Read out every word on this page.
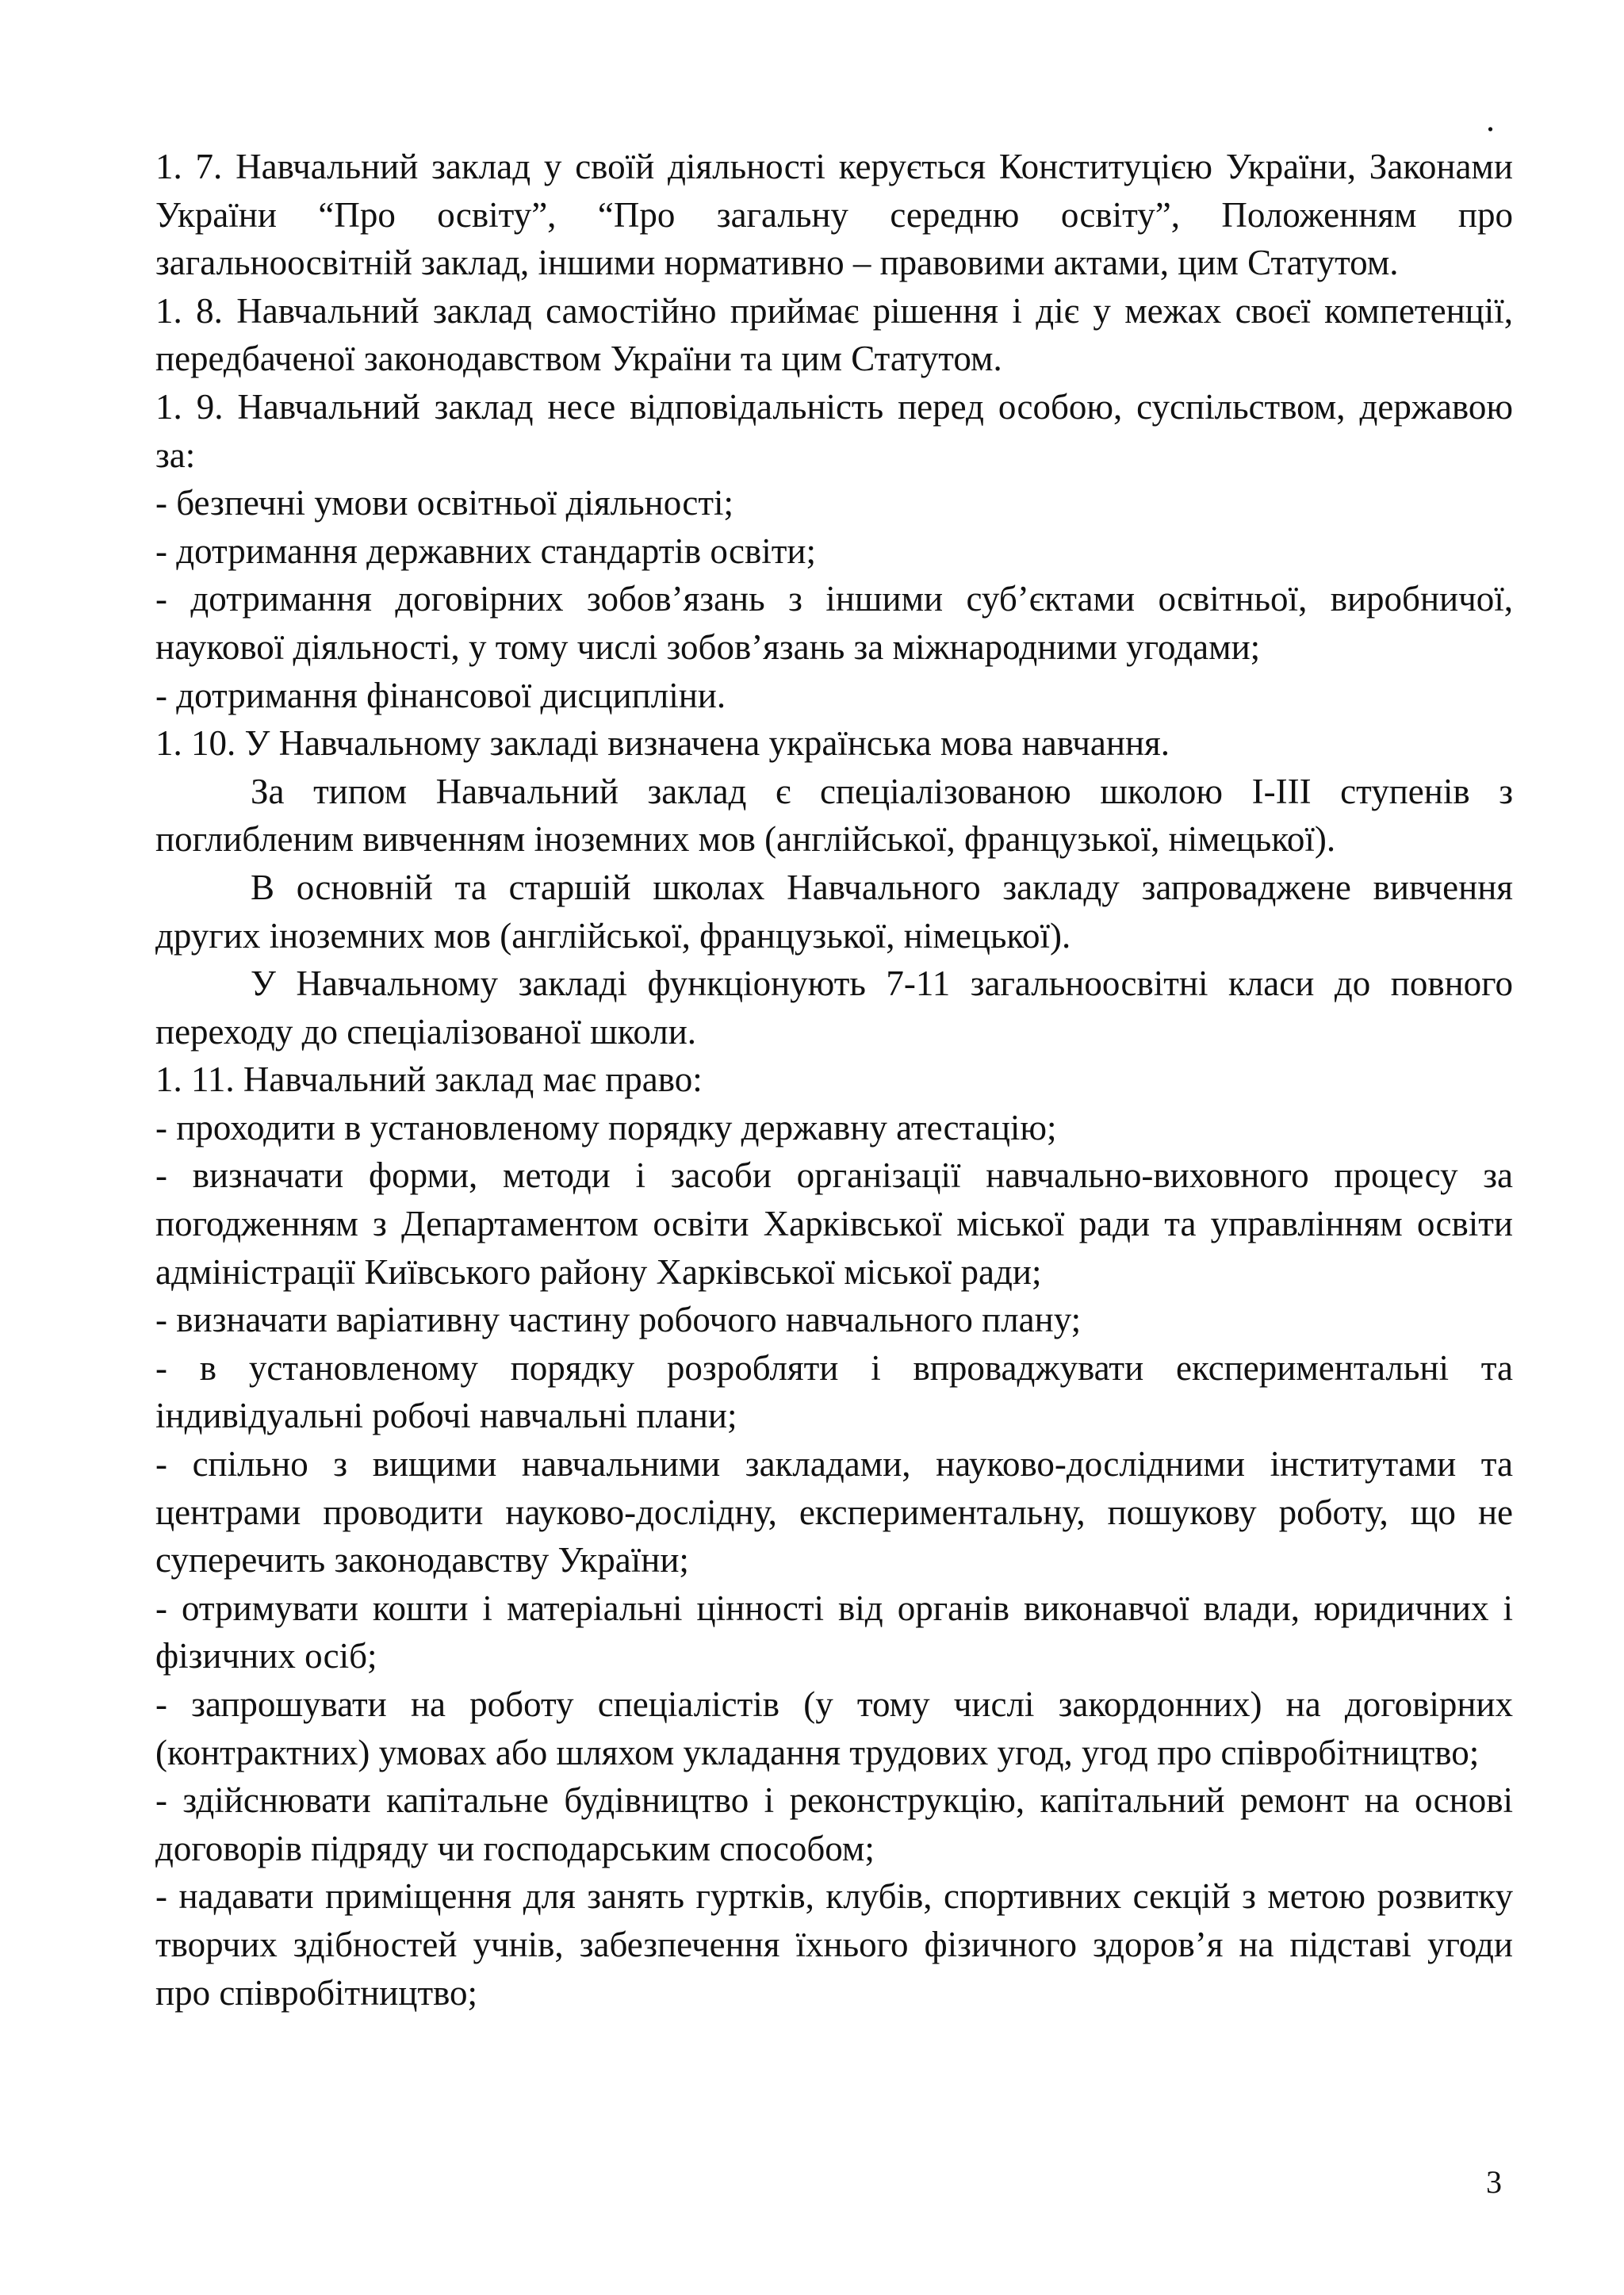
.

1. 7. Навчальний заклад у своїй діяльності керується Конституцією України, Законами України “Про освіту”, “Про загальну середню освіту”, Положенням про загальноосвітній заклад, іншими нормативно – правовими актами, цим Статутом.

1. 8. Навчальний заклад самостійно приймає рішення і діє у межах своєї компетенції, передбаченої законодавством України та цим Статутом.

1. 9. Навчальний заклад несе відповідальність перед особою, суспільством, державою за:

- безпечні умови освітньої діяльності;

- дотримання державних стандартів освіти;

- дотримання договірних зобов’язань з іншими суб’єктами освітньої, виробничої, наукової діяльності, у тому числі зобов’язань за міжнародними угодами;

- дотримання фінансової дисципліни.

1. 10. У Навчальному закладі визначена українська мова навчання.

За типом Навчальний заклад є спеціалізованою школою І-ІІІ ступенів з поглибленим вивченням іноземних мов (англійської, французької, німецької).

В основній та старшій школах Навчального закладу запроваджене вивчення других іноземних мов (англійської, французької, німецької).

У Навчальному закладі функціонують 7-11 загальноосвітні класи до повного переходу до спеціалізованої школи.

1. 11. Навчальний заклад має право:

- проходити в установленому порядку державну атестацію;

- визначати форми, методи і засоби організації навчально-виховного процесу за погодженням з Департаментом освіти Харківської міської ради та управлінням освіти адміністрації Київського району Харківської міської ради;

- визначати варіативну частину робочого навчального плану;

- в установленому порядку розробляти і впроваджувати експериментальні та індивідуальні робочі навчальні плани;

- спільно з вищими навчальними закладами, науково-дослідними інститутами та центрами проводити науково-дослідну, експериментальну, пошукову роботу, що не суперечить законодавству України;

- отримувати кошти і матеріальні цінності від органів виконавчої влади, юридичних і фізичних осіб;

- запрошувати на роботу спеціалістів (у тому числі закордонних) на договірних (контрактних) умовах або шляхом укладання трудових угод, угод про співробітництво;

- здійснювати капітальне будівництво і реконструкцію, капітальний ремонт на основі договорів підряду чи господарським способом;

- надавати приміщення для занять гуртків, клубів, спортивних секцій з метою розвитку творчих здібностей учнів, забезпечення їхнього фізичного здоров’я на підставі угоди про співробітництво;

3
